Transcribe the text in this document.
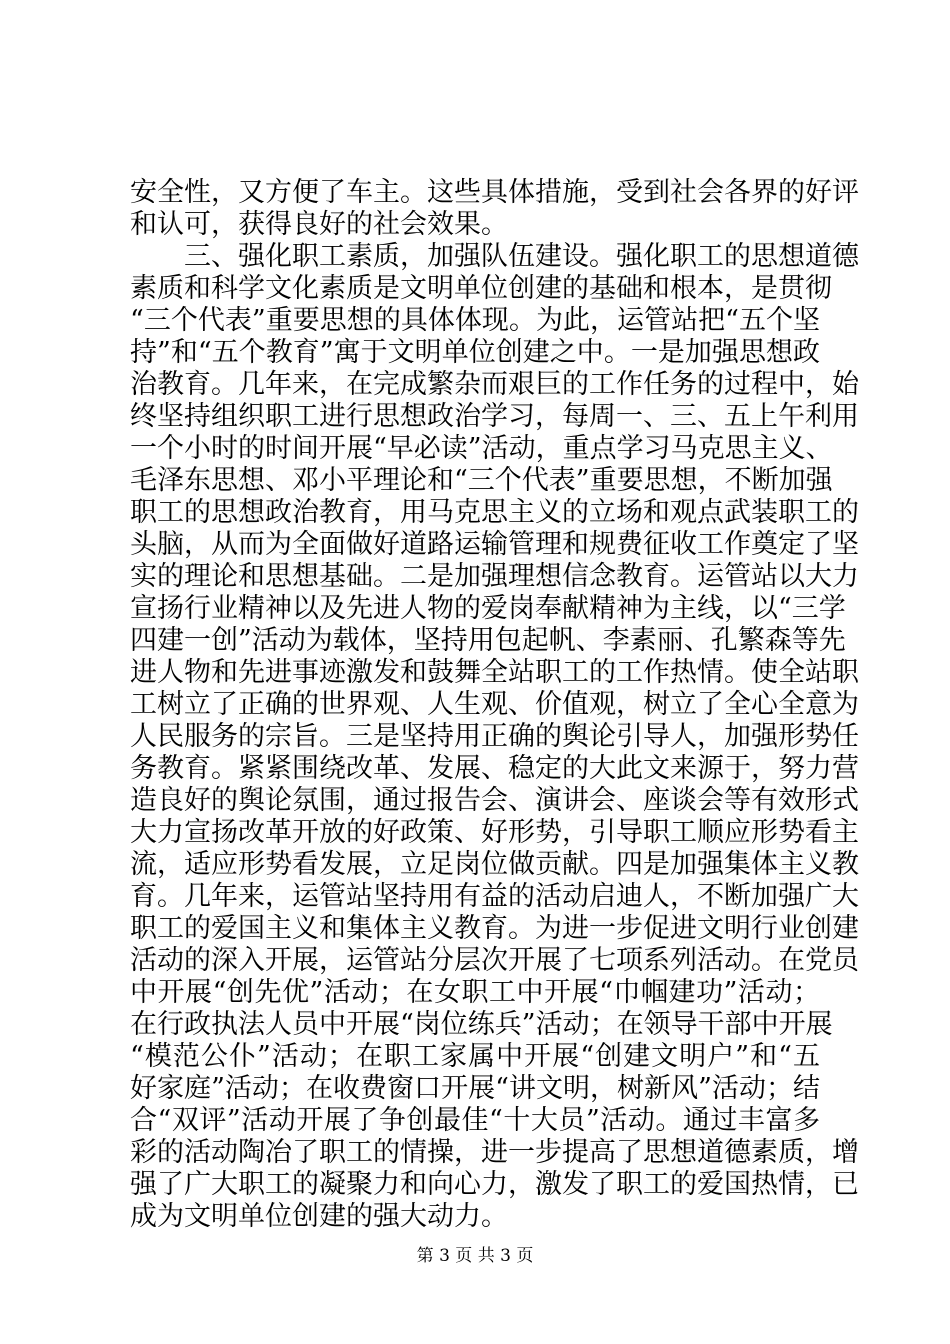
安全性，又方便了车主。这些具体措施，受到社会各界的好评
和认可，获得良好的社会效果。
三、强化职工素质，加强队伍建设。强化职工的思想道德
素质和科学文化素质是文明单位创建的基础和根本，是贯彻
“三个代表”重要思想的具体体现。为此，运管站把“五个坚
持”和“五个教育”寓于文明单位创建之中。一是加强思想政
治教育。几年来，在完成繁杂而艰巨的工作任务的过程中，始
终坚持组织职工进行思想政治学习，每周一、三、五上午利用
一个小时的时间开展“早必读”活动，重点学习马克思主义、
毛泽东思想、邓小平理论和“三个代表”重要思想，不断加强
职工的思想政治教育，用马克思主义的立场和观点武装职工的
头脑，从而为全面做好道路运输管理和规费征收工作奠定了坚
实的理论和思想基础。二是加强理想信念教育。运管站以大力
宣扬行业精神以及先进人物的爱岗奉献精神为主线，以“三学
四建一创”活动为载体，坚持用包起帆、李素丽、孔繁森等先
进人物和先进事迹激发和鼓舞全站职工的工作热情。使全站职
工树立了正确的世界观、人生观、价值观，树立了全心全意为
人民服务的宗旨。三是坚持用正确的舆论引导人，加强形势任
务教育。紧紧围绕改革、发展、稳定的大此文来源于，努力营
造良好的舆论氛围，通过报告会、演讲会、座谈会等有效形式
大力宣扬改革开放的好政策、好形势，引导职工顺应形势看主
流，适应形势看发展，立足岗位做贡献。四是加强集体主义教
育。几年来，运管站坚持用有益的活动启迪人，不断加强广大
职工的爱国主义和集体主义教育。为进一步促进文明行业创建
活动的深入开展，运管站分层次开展了七项系列活动。在党员
中开展“创先优”活动；在女职工中开展“巾帼建功”活动；
在行政执法人员中开展“岗位练兵”活动；在领导干部中开展
“模范公仆”活动；在职工家属中开展“创建文明户”和“五
好家庭”活动；在收费窗口开展“讲文明，树新风”活动；结
合“双评”活动开展了争创最佳“十大员”活动。通过丰富多
彩的活动陶冶了职工的情操，进一步提高了思想道德素质，增
强了广大职工的凝聚力和向心力，激发了职工的爱国热情，已
成为文明单位创建的强大动力。
第 3 页 共 3 页
